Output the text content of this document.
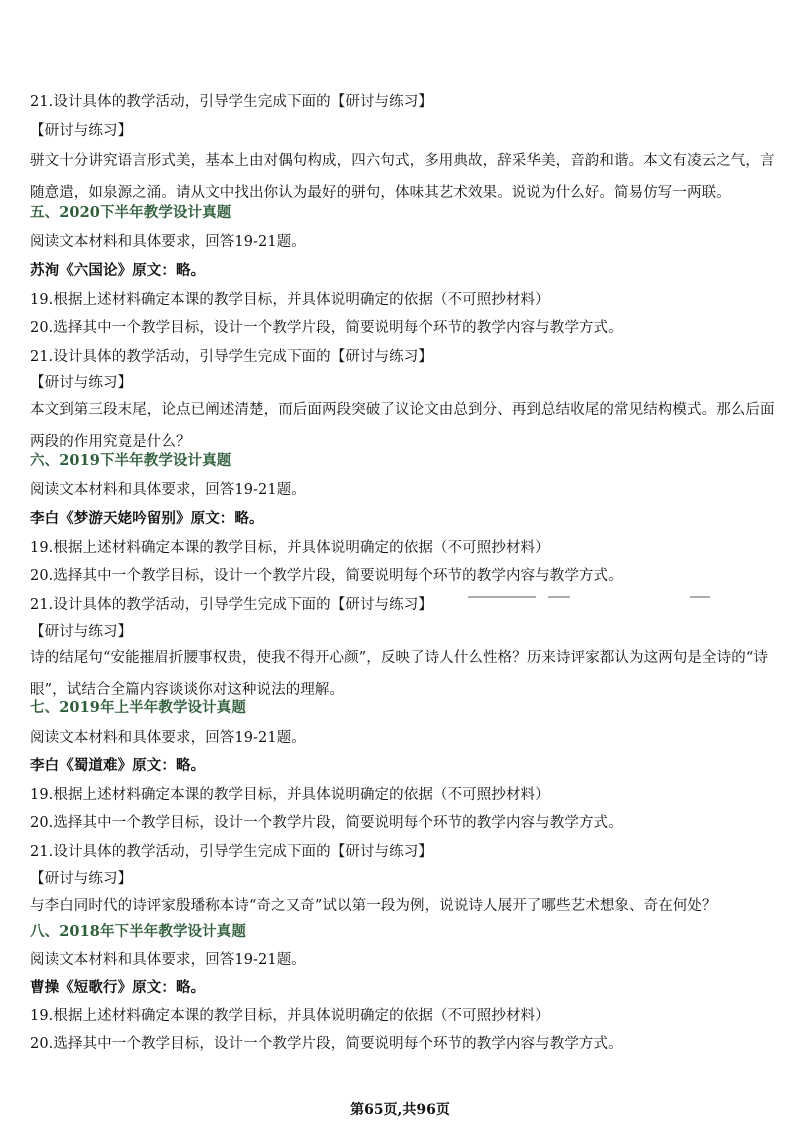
21.设计具体的教学活动，引导学生完成下面的【研讨与练习】
【研讨与练习】
骈文十分讲究语言形式美，基本上由对偶句构成，四六句式，多用典故，辞采华美，音韵和谐。本文有凌云之气，言随意遣，如泉源之涌。请从文中找出你认为最好的骈句，体味其艺术效果。说说为什么好。简易仿写一两联。
五、2020下半年教学设计真题
阅读文本材料和具体要求，回答19-21题。
苏洵《六国论》原文：略。
19.根据上述材料确定本课的教学目标，并具体说明确定的依据（不可照抄材料）
20.选择其中一个教学目标，设计一个教学片段，简要说明每个环节的教学内容与教学方式。
21.设计具体的教学活动，引导学生完成下面的【研讨与练习】
【研讨与练习】
本文到第三段末尾，论点已阐述清楚，而后面两段突破了议论文由总到分、再到总结收尾的常见结构模式。那么后面两段的作用究竟是什么？
六、2019下半年教学设计真题
阅读文本材料和具体要求，回答19-21题。
李白《梦游天姥吟留别》原文：略。
19.根据上述材料确定本课的教学目标，并具体说明确定的依据（不可照抄材料）
20.选择其中一个教学目标，设计一个教学片段，简要说明每个环节的教学内容与教学方式。
21.设计具体的教学活动，引导学生完成下面的【研讨与练习】
【研讨与练习】
诗的结尾句“安能摧眉折腰事权贵，使我不得开心颜”，反映了诗人什么性格？历来诗评家都认为这两句是全诗的“诗眼”，试结合全篇内容谈谈你对这种说法的理解。
七、2019年上半年教学设计真题
阅读文本材料和具体要求，回答19-21题。
李白《蜀道难》原文：略。
19.根据上述材料确定本课的教学目标，并具体说明确定的依据（不可照抄材料）
20.选择其中一个教学目标，设计一个教学片段，简要说明每个环节的教学内容与教学方式。
21.设计具体的教学活动，引导学生完成下面的【研讨与练习】
【研讨与练习】
与李白同时代的诗评家殷璠称本诗“奇之又奇”试以第一段为例，说说诗人展开了哪些艺术想象、奇在何处？
八、2018年下半年教学设计真题
阅读文本材料和具体要求，回答19-21题。
曹操《短歌行》原文：略。
19.根据上述材料确定本课的教学目标，并具体说明确定的依据（不可照抄材料）
20.选择其中一个教学目标，设计一个教学片段，简要说明每个环节的教学内容与教学方式。
第65页,共96页
